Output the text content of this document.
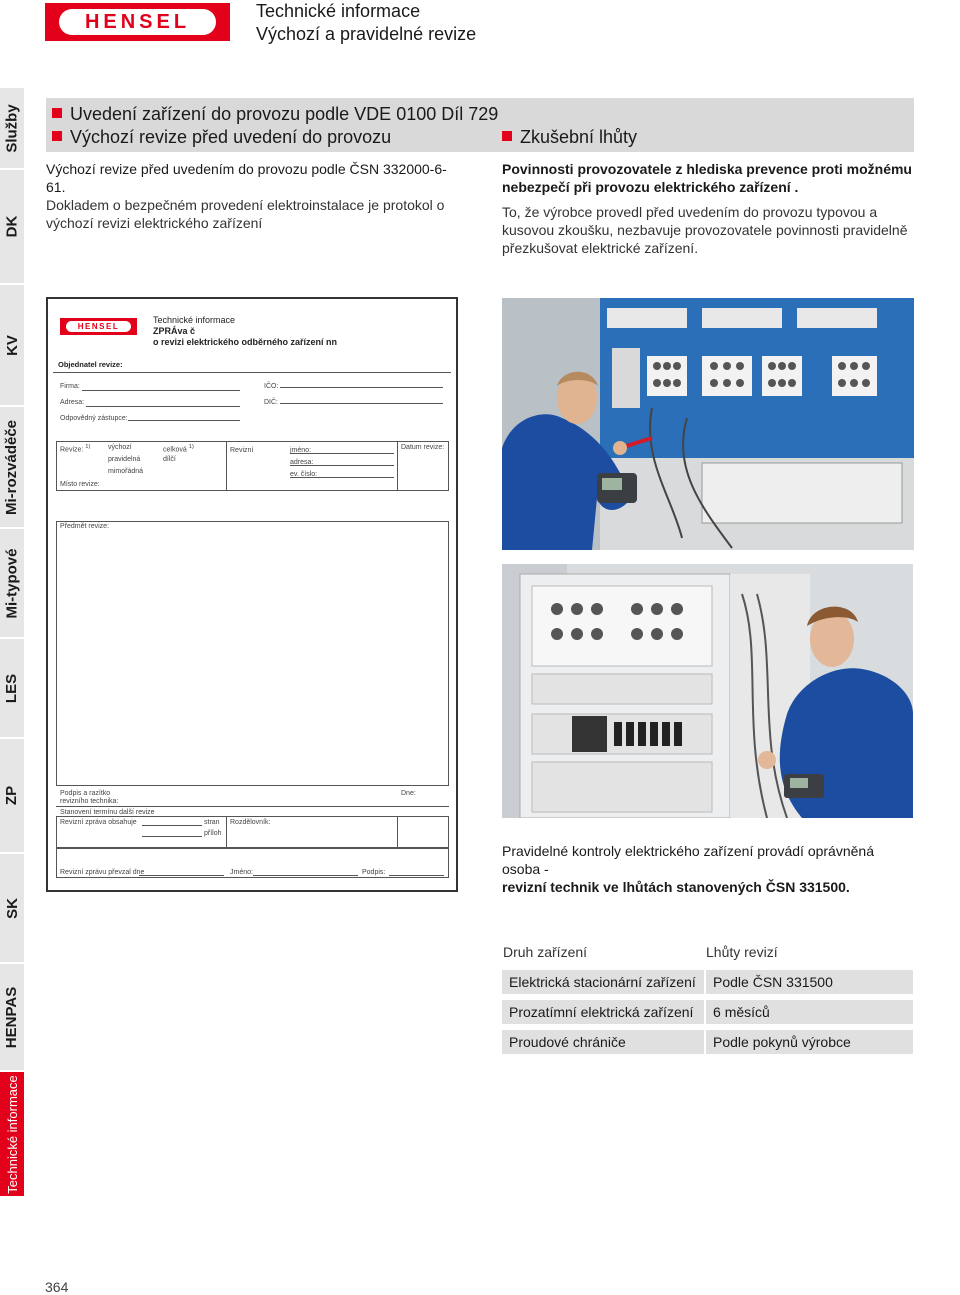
HENSEL	Technické informace
Výchozí a pravidelné revize
Služby
DK
KV
Mi-rozváděče
Mi-typové
LES
ZP
SK
HENPAS
Technické informace
Uvedení zařízení do provozu podle VDE 0100 Díl 729
Výchozí revize před uvedení do provozu	Zkušební lhůty
Výchozí revize před uvedením do provozu podle ČSN 332000-6-61.
Dokladem o bezpečném provedení elektroinstalace je protokol o výchozí revizi elektrického zařízení
Povinnosti provozovatele z hlediska prevence proti možnému nebezpečí při provozu elektrického zařízení .
To, že výrobce provedl před uvedením do provozu typovou a kusovou zkoušku, nezbavuje provozovatele povinnosti pravidelně přezkušovat elektrické zařízení.
HENSEL
Technické informace
ZPRÁva č
o revizi elektrického odběrného zařízení nn
Objednatel revize:
Firma:	IČO:
Adresa:	DIČ:
Odpovědný zástupce:
Revize: $^{1)}$	výchozí
pravidelná
mimořádná
celková $^{1)}$
dílčí
Revizní	jméno:
adresa:
ev. číslo:
Datum revize:
Místo revize:
Předmět revize:
Podpis a razítko
revizního technika:
Dne:
Stanovení termínu další revize
Revizní zpráva obsahuje	stran
příloh
Rozdělovník:
Revizní zprávu převzal dne	Jméno:	Podpis:
Pravidelné kontroly elektrického zařízení provádí oprávněná osoba -
revizní technik ve lhůtách stanovených ČSN 331500.
Druh zařízení	Lhůty revizí
Elektrická stacionární zařízení	Podle ČSN 331500
Prozatímní elektrická zařízení	6 měsíců
Proudové chrániče	Podle pokynů výrobce
364
